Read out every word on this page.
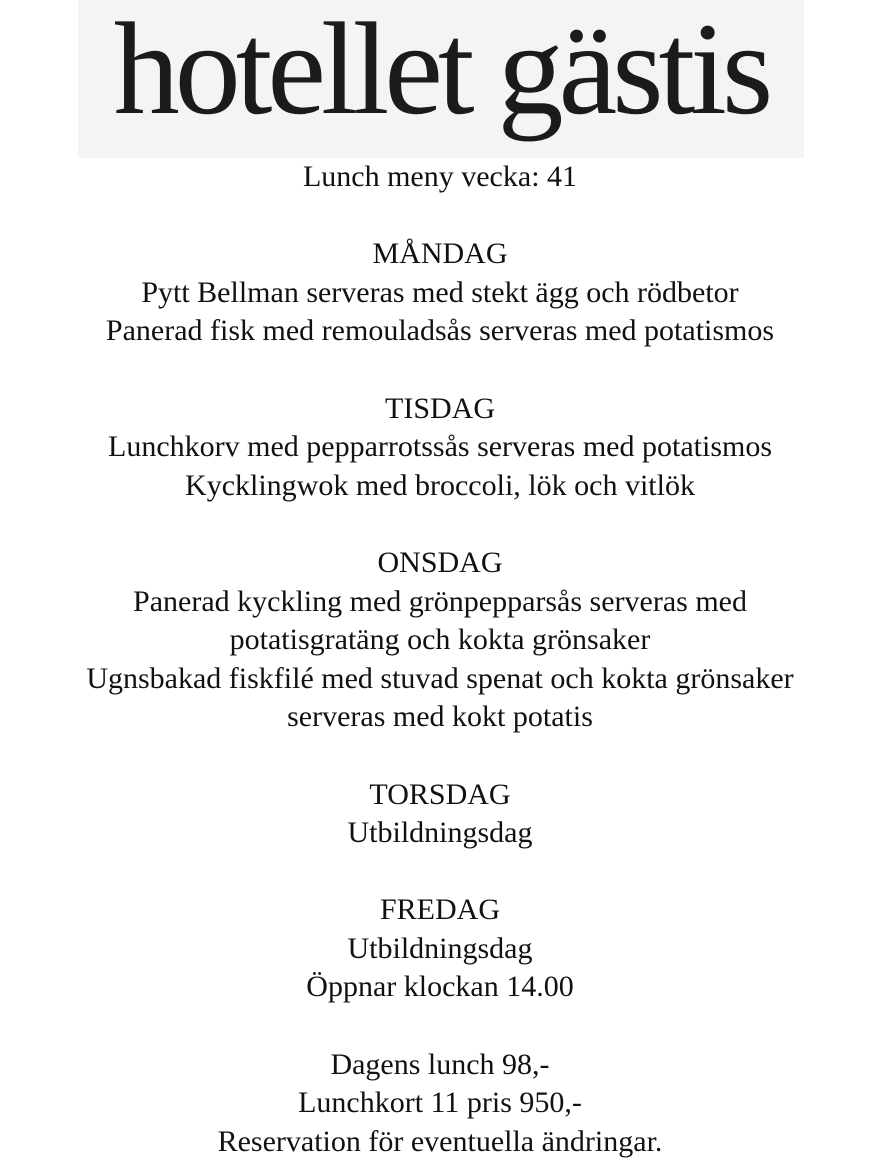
hotellet gästis
Lunch meny vecka: 41
MÅNDAG
Pytt Bellman serveras med stekt ägg och rödbetor
Panerad fisk med remouladsås serveras med potatismos
TISDAG
Lunchkorv med pepparrotssås serveras med potatismos
Kycklingwok med broccoli, lök och vitlök
ONSDAG
Panerad kyckling med grönpepparsås serveras med
potatisgratäng och kokta grönsaker
Ugnsbakad fiskfilé med stuvad spenat och kokta grönsaker
serveras med kokt potatis
TORSDAG
Utbildningsdag
FREDAG
Utbildningsdag
Öppnar klockan 14.00
Dagens lunch 98,-
Lunchkort 11 pris 950,-
Reservation för eventuella ändringar.
